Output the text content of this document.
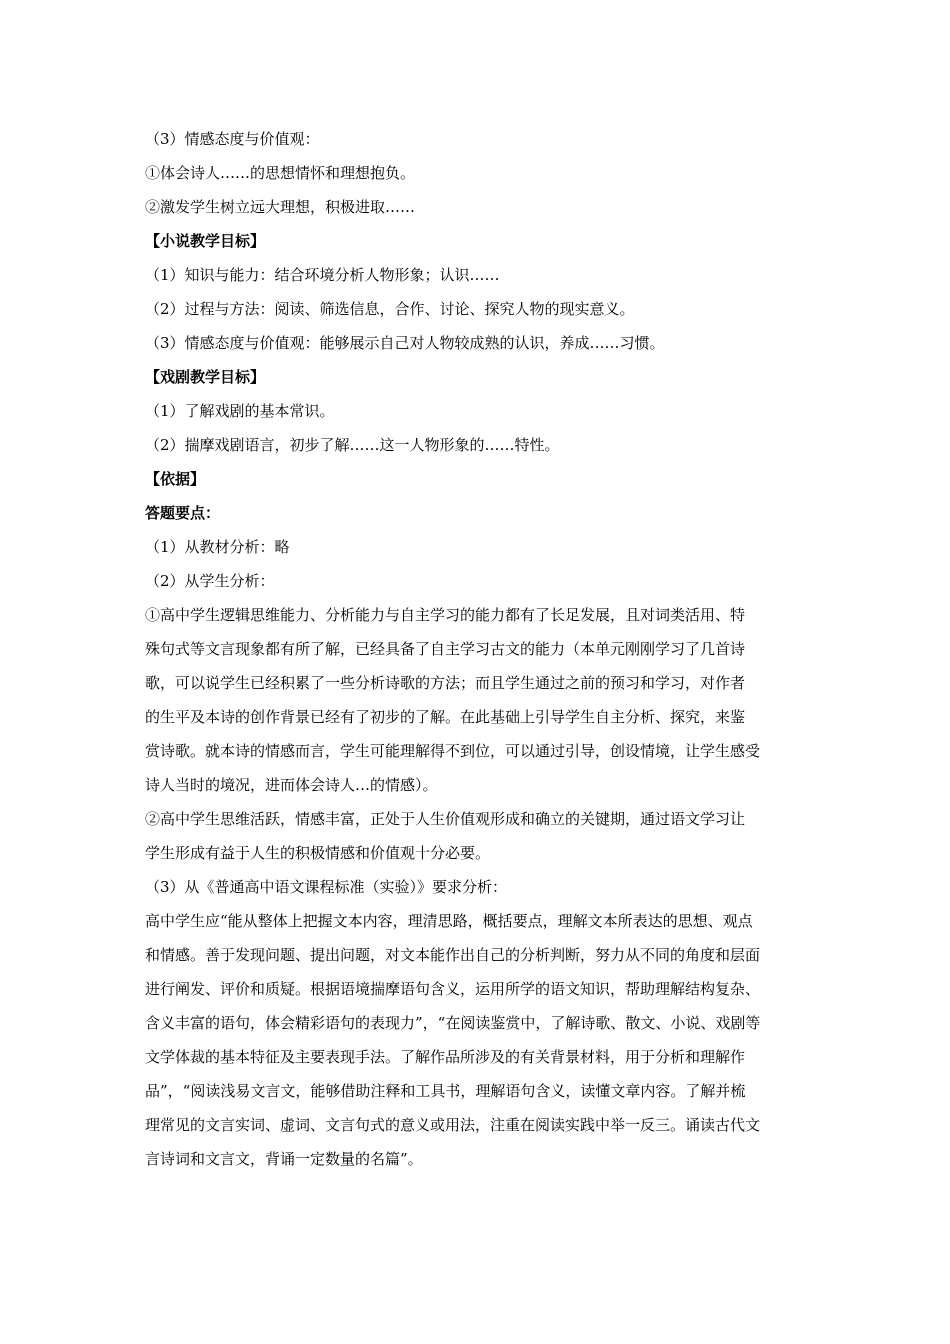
（3）情感态度与价值观：
①体会诗人……的思想情怀和理想抱负。
②激发学生树立远大理想，积极进取……
【小说教学目标】
（1）知识与能力：结合环境分析人物形象；认识……
（2）过程与方法：阅读、筛选信息，合作、讨论、探究人物的现实意义。
（3）情感态度与价值观：能够展示自己对人物较成熟的认识，养成……习惯。
【戏剧教学目标】
（1）了解戏剧的基本常识。
（2）揣摩戏剧语言，初步了解……这一人物形象的……特性。
【依据】
答题要点：
（1）从教材分析：略
（2）从学生分析：
①高中学生逻辑思维能力、分析能力与自主学习的能力都有了长足发展，且对词类活用、特
殊句式等文言现象都有所了解，已经具备了自主学习古文的能力（本单元刚刚学习了几首诗
歌，可以说学生已经积累了一些分析诗歌的方法；而且学生通过之前的预习和学习，对作者
的生平及本诗的创作背景已经有了初步的了解。在此基础上引导学生自主分析、探究，来鉴
赏诗歌。就本诗的情感而言，学生可能理解得不到位，可以通过引导，创设情境，让学生感受
诗人当时的境况，进而体会诗人…的情感）。
②高中学生思维活跃，情感丰富，正处于人生价值观形成和确立的关键期，通过语文学习让
学生形成有益于人生的积极情感和价值观十分必要。
（3）从《普通高中语文课程标准（实验）》要求分析：
高中学生应“能从整体上把握文本内容，理清思路，概括要点，理解文本所表达的思想、观点
和情感。善于发现问题、提出问题，对文本能作出自己的分析判断，努力从不同的角度和层面
进行阐发、评价和质疑。根据语境揣摩语句含义，运用所学的语文知识，帮助理解结构复杂、
含义丰富的语句，体会精彩语句的表现力”，“在阅读鉴赏中，了解诗歌、散文、小说、戏剧等
文学体裁的基本特征及主要表现手法。了解作品所涉及的有关背景材料，用于分析和理解作
品”，“阅读浅易文言文，能够借助注释和工具书，理解语句含义，读懂文章内容。了解并梳
理常见的文言实词、虚词、文言句式的意义或用法，注重在阅读实践中举一反三。诵读古代文
言诗词和文言文，背诵一定数量的名篇”。
